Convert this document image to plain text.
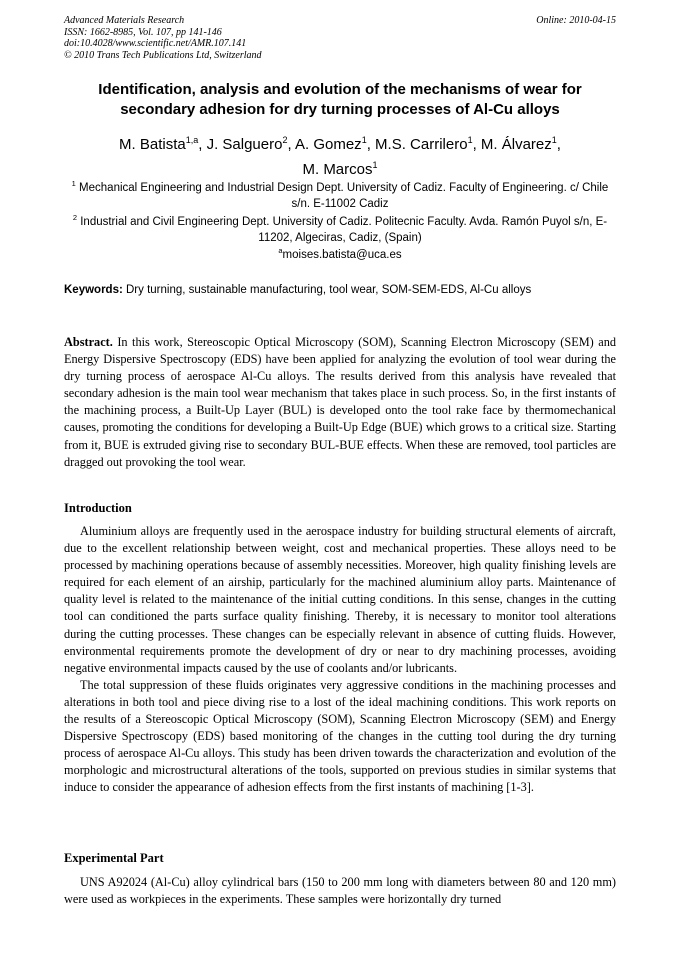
Advanced Materials Research
ISSN: 1662-8985, Vol. 107, pp 141-146
doi:10.4028/www.scientific.net/AMR.107.141
© 2010 Trans Tech Publications Ltd, Switzerland
Online: 2010-04-15
Identification, analysis and evolution of the mechanisms of wear for secondary adhesion for dry turning processes of Al-Cu alloys
M. Batista$^{1,a}$, J. Salguero$^2$, A. Gomez$^1$, M.S. Carrilero$^1$, M. Álvarez$^1$,
M. Marcos$^1$
$^1$ Mechanical Engineering and Industrial Design Dept. University of Cadiz. Faculty of Engineering. c/ Chile s/n. E-11002 Cadiz
$^2$ Industrial and Civil Engineering Dept. University of Cadiz. Politecnic Faculty. Avda. Ramón Puyol s/n, E-11202, Algeciras, Cadiz, (Spain)
$^a$moises.batista@uca.es
Keywords: Dry turning, sustainable manufacturing, tool wear, SOM-SEM-EDS, Al-Cu alloys
Abstract. In this work, Stereoscopic Optical Microscopy (SOM), Scanning Electron Microscopy (SEM) and Energy Dispersive Spectroscopy (EDS) have been applied for analyzing the evolution of tool wear during the dry turning process of aerospace Al-Cu alloys. The results derived from this analysis have revealed that secondary adhesion is the main tool wear mechanism that takes place in such process. So, in the first instants of the machining process, a Built-Up Layer (BUL) is developed onto the tool rake face by thermomechanical causes, promoting the conditions for developing a Built-Up Edge (BUE) which grows to a critical size. Starting from it, BUE is extruded giving rise to secondary BUL-BUE effects. When these are removed, tool particles are dragged out provoking the tool wear.
Introduction
Aluminium alloys are frequently used in the aerospace industry for building structural elements of aircraft, due to the excellent relationship between weight, cost and mechanical properties. These alloys need to be processed by machining operations because of assembly necessities. Moreover, high quality finishing levels are required for each element of an airship, particularly for the machined aluminium alloy parts. Maintenance of quality level is related to the maintenance of the initial cutting conditions. In this sense, changes in the cutting tool can conditioned the parts surface quality finishing. Thereby, it is necessary to monitor tool alterations during the cutting processes. These changes can be especially relevant in absence of cutting fluids. However, environmental requirements promote the development of dry or near to dry machining processes, avoiding negative environmental impacts caused by the use of coolants and/or lubricants.
The total suppression of these fluids originates very aggressive conditions in the machining processes and alterations in both tool and piece diving rise to a lost of the ideal machining conditions. This work reports on the results of a Stereoscopic Optical Microscopy (SOM), Scanning Electron Microscopy (SEM) and Energy Dispersive Spectroscopy (EDS) based monitoring of the changes in the cutting tool during the dry turning process of aerospace Al-Cu alloys. This study has been driven towards the characterization and evolution of the morphologic and microstructural alterations of the tools, supported on previous studies in similar systems that induce to consider the appearance of adhesion effects from the first instants of machining [1-3].
Experimental Part
UNS A92024 (Al-Cu) alloy cylindrical bars (150 to 200 mm long with diameters between 80 and 120 mm) were used as workpieces in the experiments. These samples were horizontally dry turned
